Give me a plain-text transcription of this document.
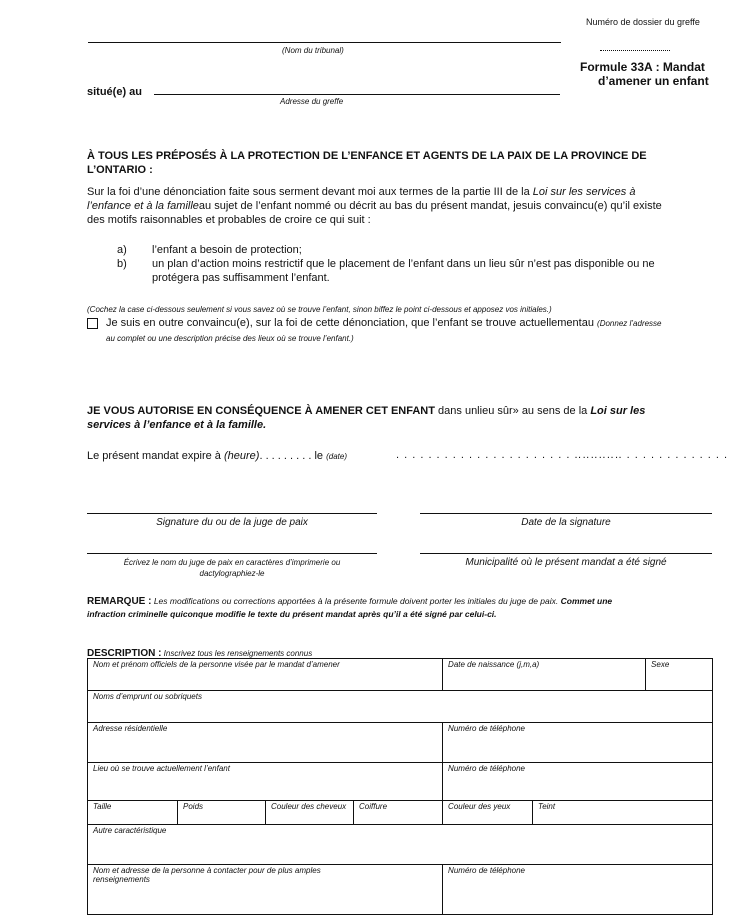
Numéro de dossier du greffe
(Nom du tribunal)
Formule 33A : Mandat
d’amener un enfant
situé(e) au
Adresse du greffe
À TOUS LES PRÉPOSÉS À LA PROTECTION DE L’ENFANCE ET AGENTS DE LA PAIX DE LA PROVINCE DE
L’ONTARIO :
Sur la foi d’une dénonciation faite sous serment devant moi aux termes de la partie III de la Loi sur les services à
l’enfance et à la familleau sujet de l’enfant nommé ou décrit au bas du présent mandat, jesuis convaincu(e) qu’il existe
des motifs raisonnables et probables de croire ce qui suit :
a) l’enfant a besoin de protection;
b) un plan d’action moins restrictif que le placement de l’enfant dans un lieu sûr n’est pas disponible ou ne
protégera pas suffisamment l’enfant.
(Cochez la case ci-dessous seulement si vous savez où se trouve l’enfant, sinon biffez le point ci-dessous et apposez vos initiales.)
Je suis en outre convaincu(e), sur la foi de cette dénonciation, que l’enfant se trouve actuellementau (Donnez l’adresse
au complet ou une description précise des lieux où se trouve l’enfant.)
JE VOUS AUTORISE EN CONSÉQUENCE À AMENER CET ENFANT dans unlieu sûr» au sens de la Loi sur les
services à l’enfance et à la famille.
Le présent mandat expire à (heure). . . . . . . . . le (date)	. . . . . . . . . . . . . . . . . . . . . . . . . . . .
. . . . . . . . . . . . . . . . . . .
Signature du ou de la juge de paix	Date de la signature
Écrivez le nom du juge de paix en caractères d’imprimerie ou
dactylographiez-le
Municipalité où le présent mandat a été signé
REMARQUE : Les modifications ou corrections apportées à la présente formule doivent porter les initiales du juge de paix. Commet une
infraction criminelle quiconque modifie le texte du présent mandat après qu’il a été signé par celui-ci.
DESCRIPTION : Inscrivez tous les renseignements connus
Nom et prénom officiels de la personne visée par le mandat d’amener				Date de naissance (j,m,a)		Sexe
Noms d’emprunt ou sobriquets						
Adresse résidentielle				Numéro de téléphone		
Lieu où se trouve actuellement l’enfant				Numéro de téléphone		
Taille	Poids	Couleur des cheveux	Coiffure	Couleur des yeux	Teint	
Autre caractéristique						

Nom et adresse de la personne à contacter pour de plus amples
renseignements				Numéro de téléphone		
